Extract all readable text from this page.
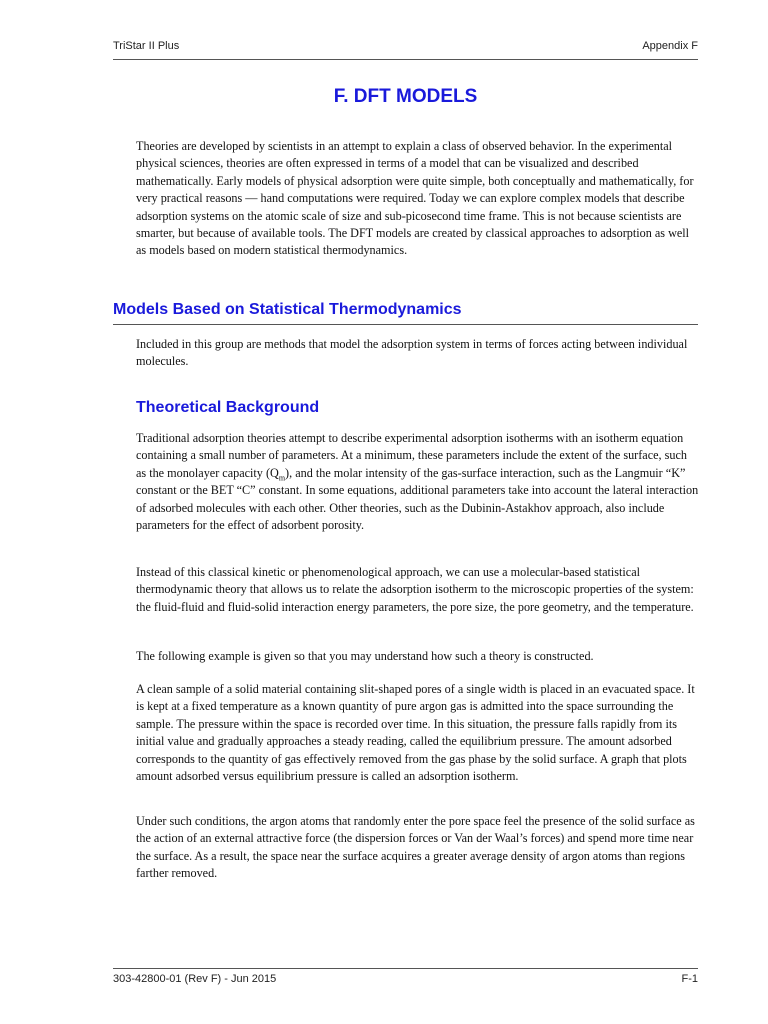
TriStar II Plus	Appendix F
F. DFT MODELS

Theories are developed by scientists in an attempt to explain a class of observed behavior. In the experimental physical sciences, theories are often expressed in terms of a model that can be visualized and described mathematically. Early models of physical adsorption were quite simple, both conceptually and mathematically, for very practical reasons — hand computations were required. Today we can explore complex models that describe adsorption systems on the atomic scale of size and sub-picosecond time frame. This is not because scientists are smarter, but because of available tools. The DFT models are created by classical approaches to adsorption as well as models based on modern statistical thermodynamics.

Models Based on Statistical Thermodynamics

Included in this group are methods that model the adsorption system in terms of forces acting between individual molecules.

Theoretical Background

Traditional adsorption theories attempt to describe experimental adsorption isotherms with an isotherm equation containing a small number of parameters. At a minimum, these parameters include the extent of the surface, such as the monolayer capacity $(Q_m)$, and the molar intensity of the gas-surface interaction, such as the Langmuir “K” constant or the BET “C” constant. In some equations, additional parameters take into account the lateral interaction of adsorbed molecules with each other. Other theories, such as the Dubinin-Astakhov approach, also include parameters for the effect of adsorbent porosity.

Instead of this classical kinetic or phenomenological approach, we can use a molecular-based statistical thermodynamic theory that allows us to relate the adsorption isotherm to the microscopic properties of the system: the fluid-fluid and fluid-solid interaction energy parameters, the pore size, the pore geometry, and the temperature.

The following example is given so that you may understand how such a theory is constructed.

A clean sample of a solid material containing slit-shaped pores of a single width is placed in an evacuated space. It is kept at a fixed temperature as a known quantity of pure argon gas is admitted into the space surrounding the sample. The pressure within the space is recorded over time. In this situation, the pressure falls rapidly from its initial value and gradually approaches a steady reading, called the equilibrium pressure. The amount adsorbed corresponds to the quantity of gas effectively removed from the gas phase by the solid surface. A graph that plots amount adsorbed versus equilibrium pressure is called an adsorption isotherm.

Under such conditions, the argon atoms that randomly enter the pore space feel the presence of the solid surface as the action of an external attractive force (the dispersion forces or Van der Waal’s forces) and spend more time near the surface. As a result, the space near the surface acquires a greater average density of argon atoms than regions farther removed.

303-42800-01 (Rev F) - Jun 2015	F-1
